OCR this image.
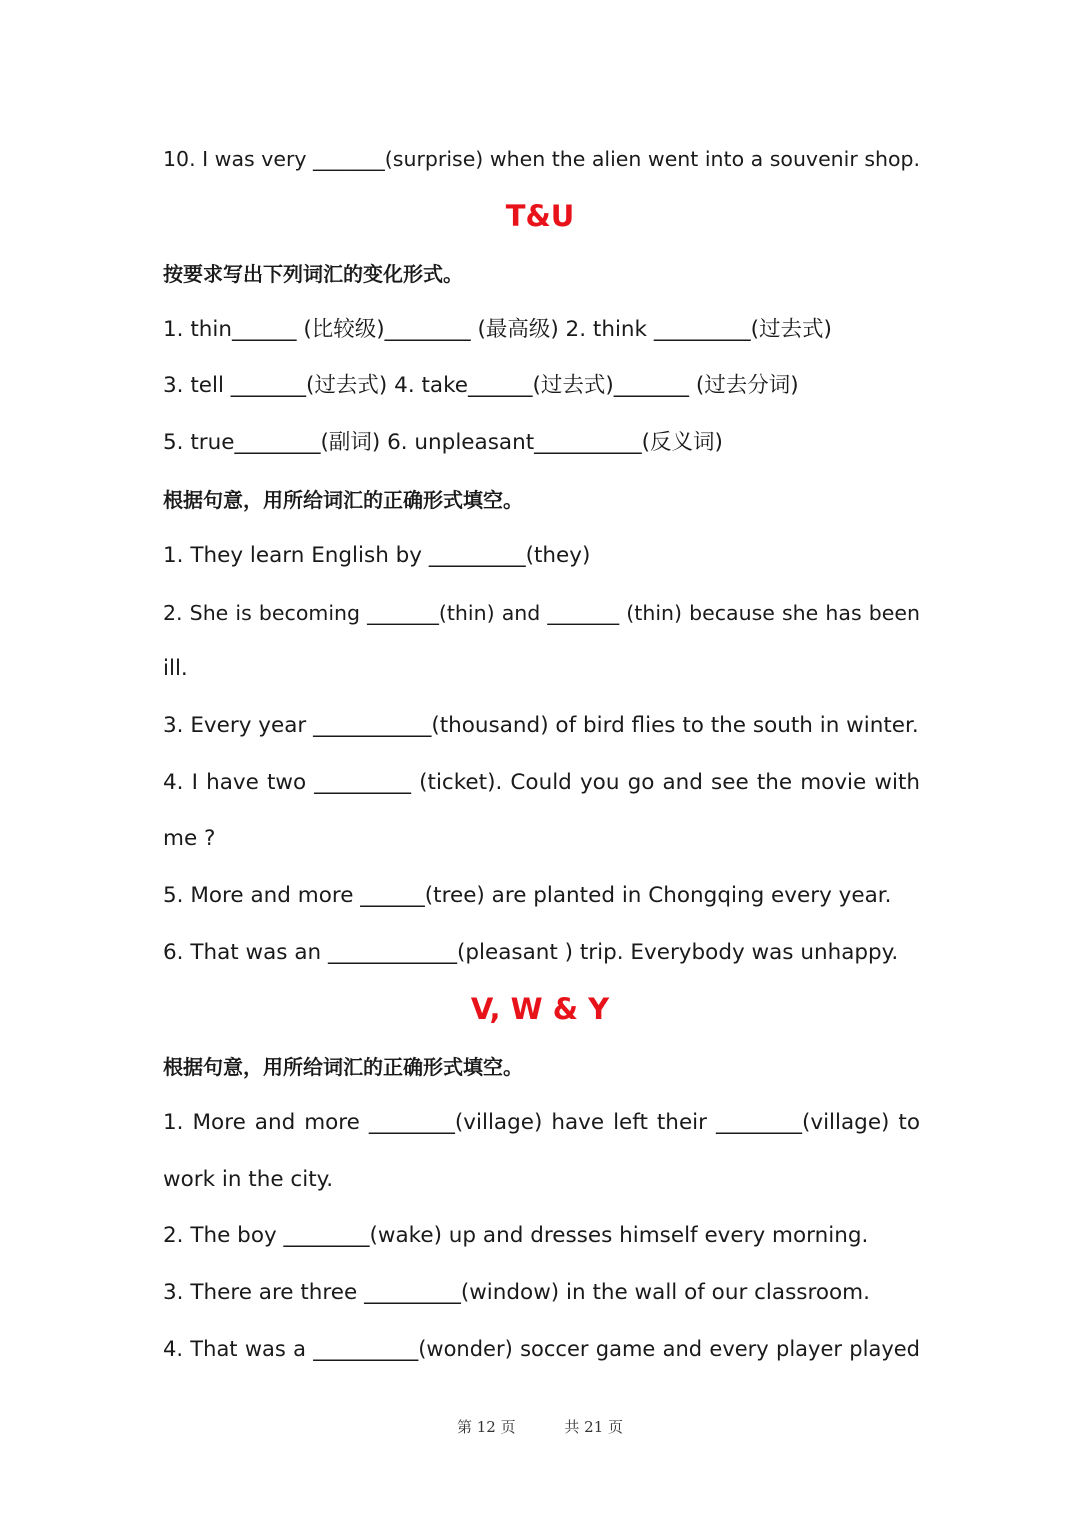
10. I was very _______(surprise) when the alien went into a souvenir shop.
T&U
按要求写出下列词汇的变化形式。
1. thin______ (比较级)________ (最高级) 2. think _________(过去式)
3. tell _______(过去式) 4. take______(过去式)_______ (过去分词)
5. true________(副词) 6. unpleasant__________(反义词)
根据句意，用所给词汇的正确形式填空。
1. They learn English by _________(they)
2. She is becoming _______(thin) and _______ (thin) because she has been
ill.
3. Every year ___________(thousand) of bird flies to the south in winter.
4. I have two _________ (ticket). Could you go and see the movie with
me ?
5. More and more ______(tree) are planted in Chongqing every year.
6. That was an ____________(pleasant ) trip. Everybody was unhappy.
V, W & Y
根据句意，用所给词汇的正确形式填空。
1. More and more ________(village) have left their ________(village) to
work in the city.
2. The boy ________(wake) up and dresses himself every morning.
3. There are three _________(window) in the wall of our classroom.
4. That was a __________(wonder) soccer game and every player played
第 12 页	共 21 页
